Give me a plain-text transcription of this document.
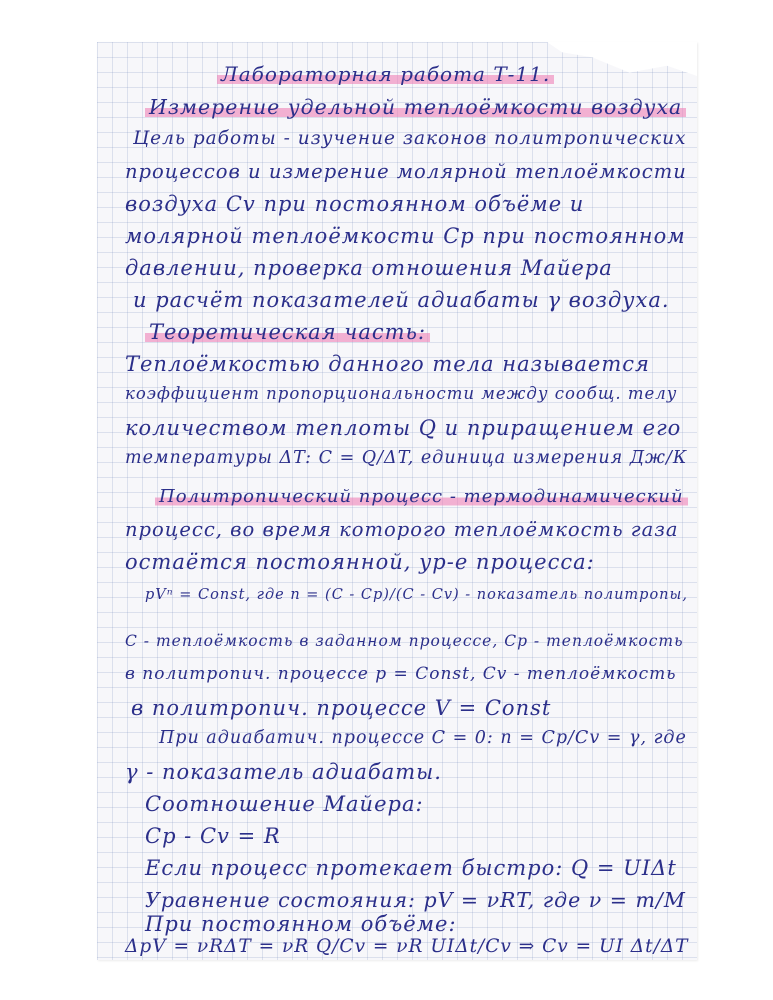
Лабораторная работа Т-11.
Измерение удельной теплоёмкости воздуха
Цель работы - изучение законов политропических
процессов и измерение молярной теплоёмкости
воздуха Cv при постоянном объёме и
молярной теплоёмкости Cp при постоянном
давлении, проверка отношения Майера
и расчёт показателей адиабаты γ воздуха.
Теоретическая часть:
Теплоёмкостью данного тела называется
коэффициент пропорциональности между сообщ. телу
количеством теплоты Q и приращением его
температуры ΔT: C = Q/ΔT, единица измерения Дж/К
Политропический процесс - термодинамический
процесс, во время которого теплоёмкость газа
остаётся постоянной, ур-е процесса:
pVⁿ = Const, где n = (C - Cp)/(C - Cv) - показатель политропы,
C - теплоёмкость в заданном процессе, Cp - теплоёмкость
в политропич. процессе p = Const, Cv - теплоёмкость
в политропич. процессе V = Const
При адиабатич. процессе C = 0: n = Cp/Cv = γ, где
γ - показатель адиабаты.
Соотношение Майера:
Cp - Cv = R
Если процесс протекает быстро: Q = UIΔt
Уравнение состояния: pV = νRT, где ν = m/M
При постоянном объёме:
ΔpV = νRΔT = νR Q/Cv = νR UIΔt/Cv ⇒ Cv = UI Δt/ΔT
